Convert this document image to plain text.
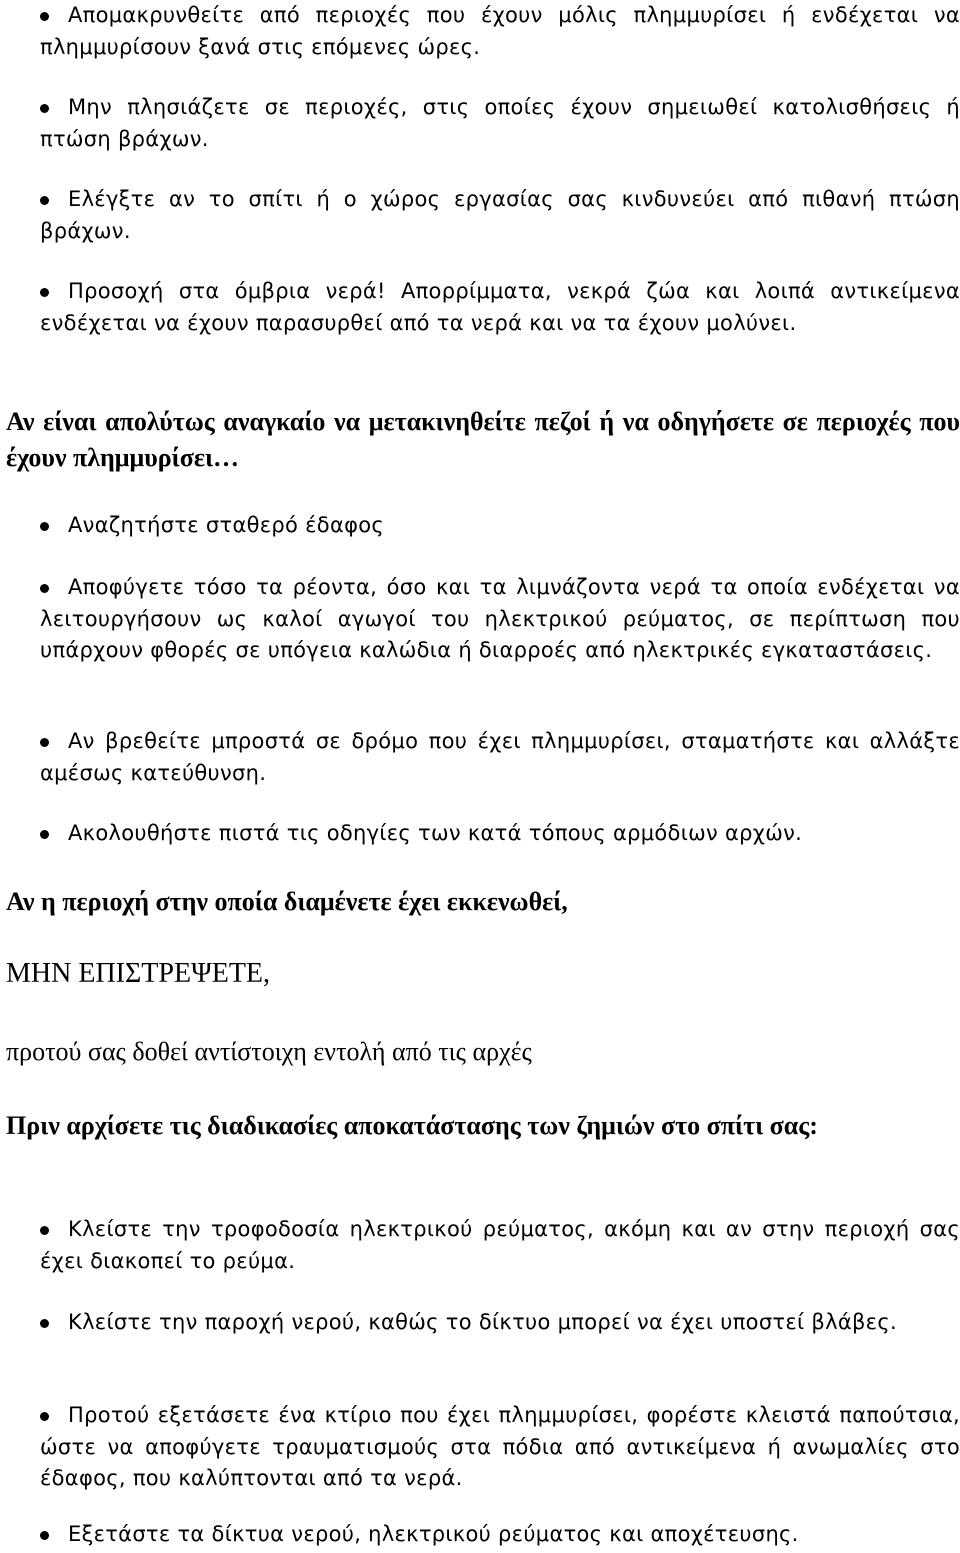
Απομακρυνθείτε από περιοχές που έχουν μόλις πλημμυρίσει ή ενδέχεται να πλημμυρίσουν ξανά στις επόμενες ώρες.
Μην πλησιάζετε σε περιοχές, στις οποίες έχουν σημειωθεί κατολισθήσεις ή πτώση βράχων.
Ελέγξτε αν το σπίτι ή ο χώρος εργασίας σας κινδυνεύει από πιθανή πτώση βράχων.
Προσοχή στα όμβρια νερά! Απορρίμματα, νεκρά ζώα και λοιπά αντικείμενα ενδέχεται να έχουν παρασυρθεί από τα νερά και να τα έχουν μολύνει.
Αν είναι απολύτως αναγκαίο να μετακινηθείτε πεζοί ή να οδηγήσετε σε περιοχές που έχουν πλημμυρίσει…
Αναζητήστε σταθερό έδαφος
Αποφύγετε τόσο τα ρέοντα, όσο και τα λιμνάζοντα νερά τα οποία ενδέχεται να λειτουργήσουν ως καλοί αγωγοί του ηλεκτρικού ρεύματος, σε περίπτωση που υπάρχουν φθορές σε υπόγεια καλώδια ή διαρροές από ηλεκτρικές εγκαταστάσεις.
Αν βρεθείτε μπροστά σε δρόμο που έχει πλημμυρίσει, σταματήστε και αλλάξτε αμέσως κατεύθυνση.
Ακολουθήστε πιστά τις οδηγίες των κατά τόπους αρμόδιων αρχών.
Αν η περιοχή στην οποία διαμένετε έχει εκκενωθεί,
ΜΗΝ ΕΠΙΣΤΡΕΨΕΤΕ,
προτού σας δοθεί αντίστοιχη εντολή από τις αρχές
Πριν αρχίσετε τις διαδικασίες αποκατάστασης των ζημιών στο σπίτι σας:
Κλείστε την τροφοδοσία ηλεκτρικού ρεύματος, ακόμη και αν στην περιοχή σας έχει διακοπεί το ρεύμα.
Κλείστε την παροχή νερού, καθώς το δίκτυο μπορεί να έχει υποστεί βλάβες.
Προτού εξετάσετε ένα κτίριο που έχει πλημμυρίσει, φορέστε κλειστά παπούτσια, ώστε να αποφύγετε τραυματισμούς στα πόδια από αντικείμενα ή ανωμαλίες στο έδαφος, που καλύπτονται από τα νερά.
Εξετάστε τα δίκτυα νερού, ηλεκτρικού ρεύματος και αποχέτευσης.
